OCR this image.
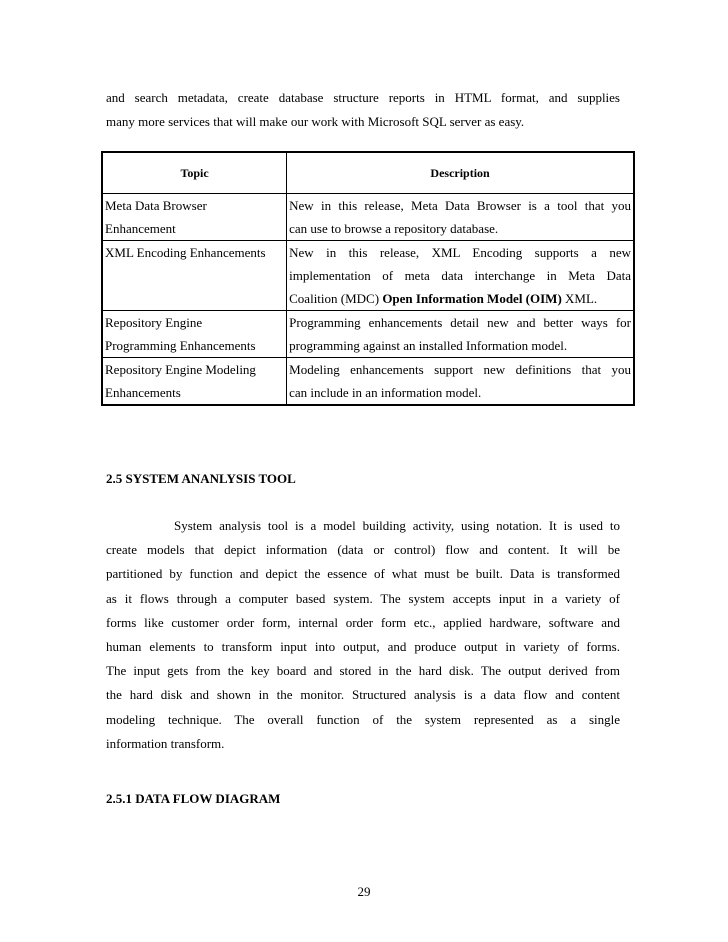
and search metadata, create database structure reports in HTML format, and supplies
many more services that will make our work with Microsoft SQL server as easy.
Topic	Description

Meta Data Browser
Enhancement	New in this release, Meta Data Browser is a tool that you
can use to browse a repository database.

XML Encoding Enhancements	New in this release, XML Encoding supports a new
implementation of meta data interchange in Meta Data
Coalition (MDC) Open Information Model (OIM) XML.

Repository Engine
Programming Enhancements	Programming enhancements detail new and better ways for
programming against an installed Information model.

Repository Engine Modeling
Enhancements	Modeling enhancements support new definitions that you
can include in an information model.
2.5 SYSTEM ANANLYSIS TOOL
System analysis tool is a model building activity, using notation. It is used to
create models that depict information (data or control) flow and content. It will be
partitioned by function and depict the essence of what must be built. Data is transformed
as it flows through a computer based system. The system accepts input in a variety of
forms like customer order form, internal order form etc., applied hardware, software and
human elements to transform input into output, and produce output in variety of forms.
The input gets from the key board and stored in the hard disk. The output derived from
the hard disk and shown in the monitor. Structured analysis is a data flow and content
modeling technique. The overall function of the system represented as a single
information transform.
2.5.1 DATA FLOW DIAGRAM
29
